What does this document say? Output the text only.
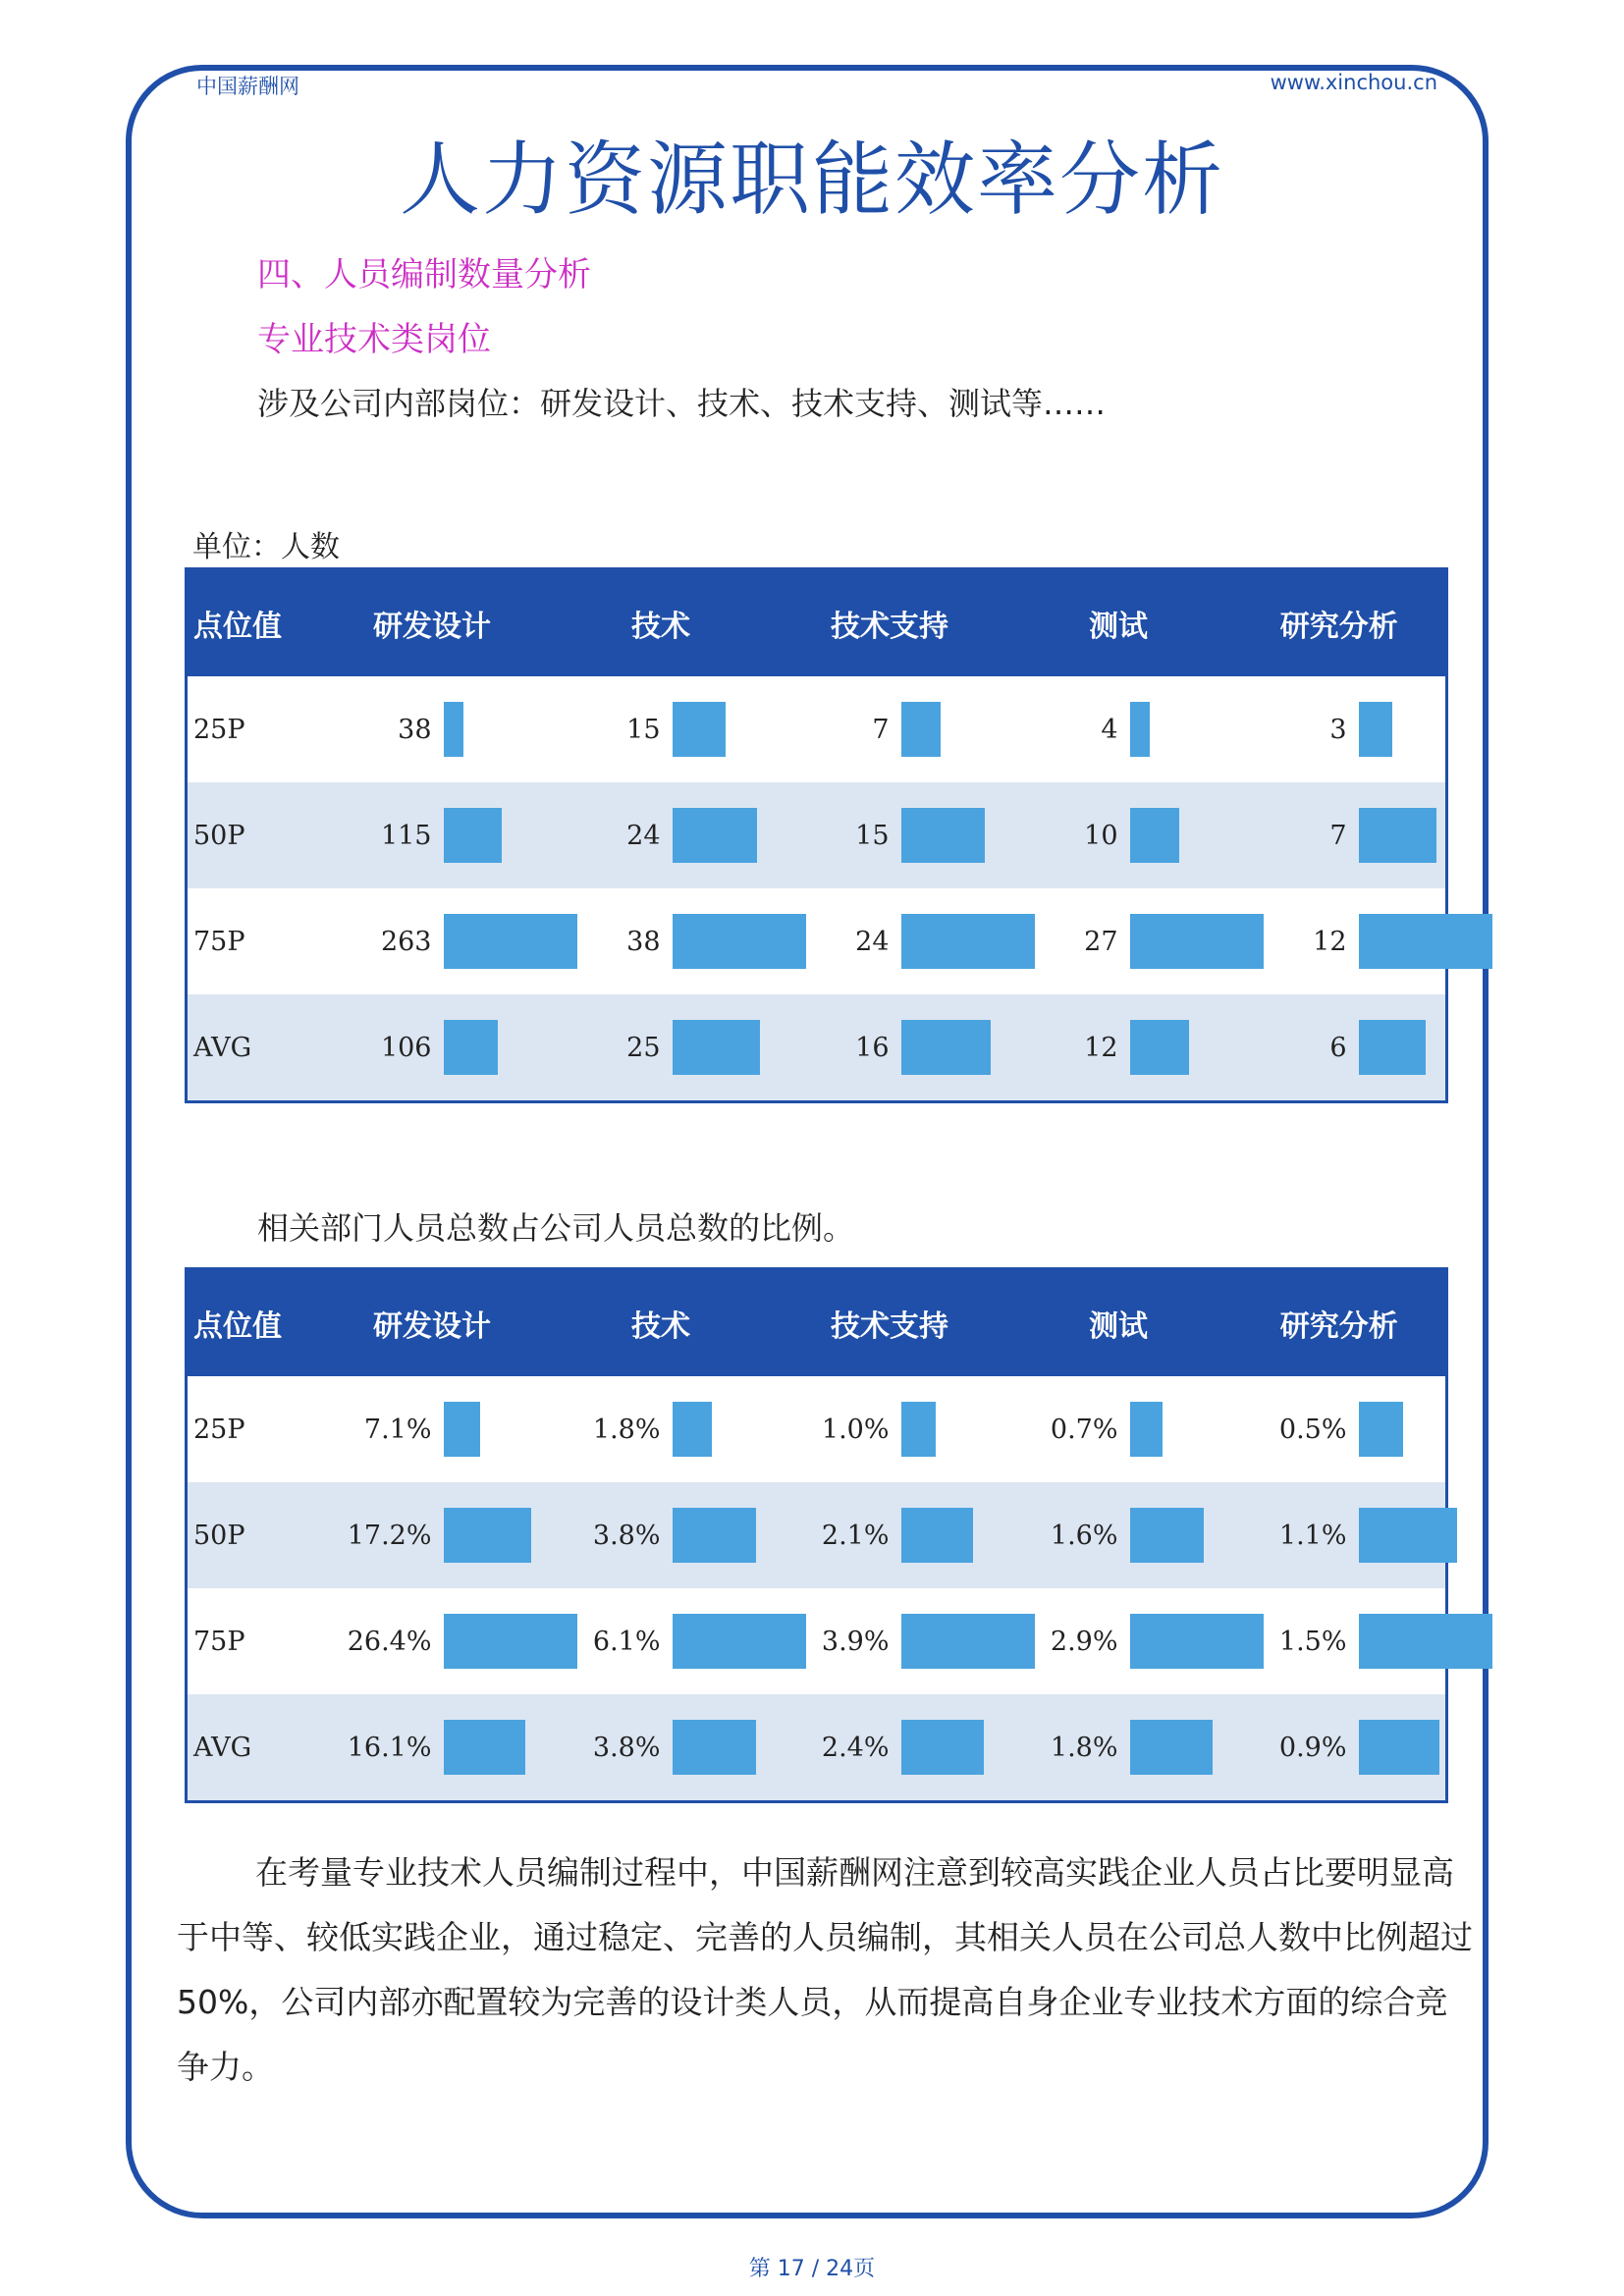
中国薪酬网	www.xinchou.cn
人力资源职能效率分析
四、人员编制数量分析
专业技术类岗位
涉及公司内部岗位：研发设计、技术、技术支持、测试等……
单位：人数
点位值	研发设计	技术	技术支持	测试	研究分析
25P	38	15	7	4	3

50P	115	24	15	10	7

75P	263	38	24	27	12

AVG	106	25	16	12	6
相关部门人员总数占公司人员总数的比例。
点位值	研发设计	技术	技术支持	测试	研究分析
25P	7.1%	1.8%	1.0%	0.7%	0.5%

50P	17.2%	3.8%	2.1%	1.6%	1.1%

75P	26.4%	6.1%	3.9%	2.9%	1.5%

AVG	16.1%	3.8%	2.4%	1.8%	0.9%
在考量专业技术人员编制过程中，中国薪酬网注意到较高实践企业人员占比要明显高于中等、较低实践企业，通过稳定、完善的人员编制，其相关人员在公司总人数中比例超过50%，公司内部亦配置较为完善的设计类人员，从而提高自身企业专业技术方面的综合竞争力。
第 17 / 24页
